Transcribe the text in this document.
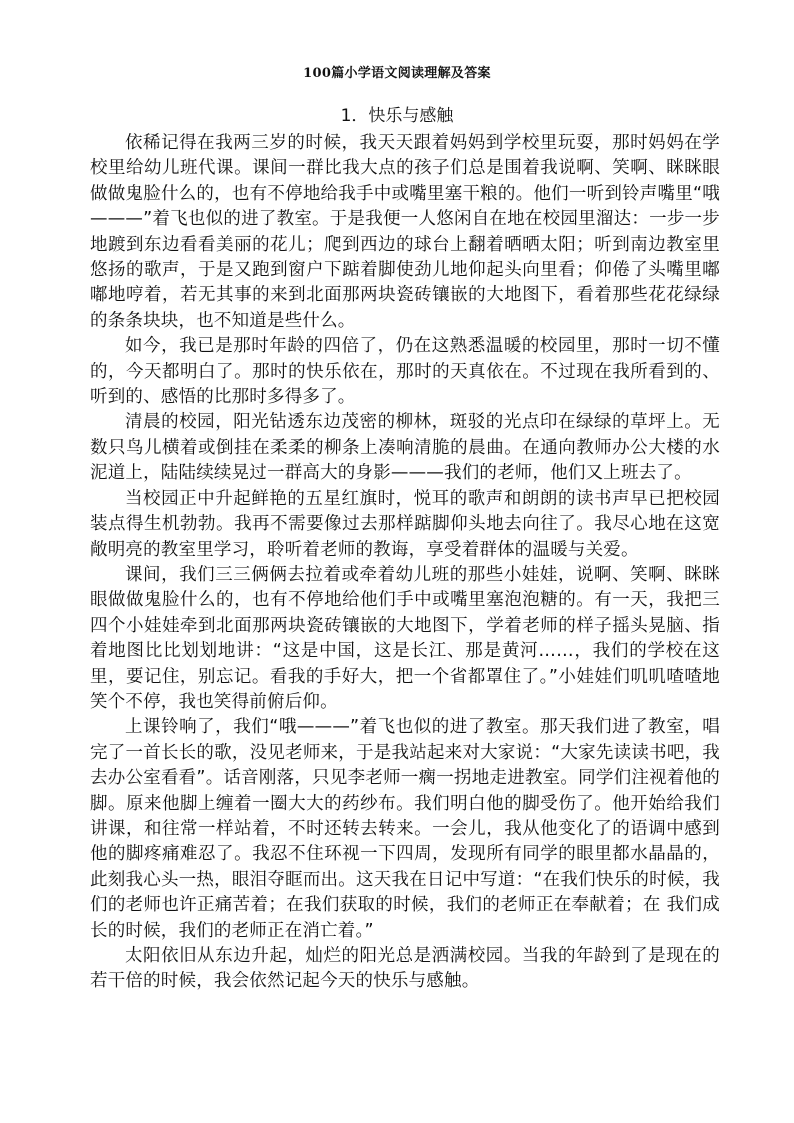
100篇小学语文阅读理解及答案
1．快乐与感触

依稀记得在我两三岁的时候，我天天跟着妈妈到学校里玩耍，那时妈妈在学校里给幼儿班代课。课间一群比我大点的孩子们总是围着我说啊、笑啊、眯眯眼做做鬼脸什么的，也有不停地给我手中或嘴里塞干粮的。他们一听到铃声嘴里“哦———”着飞也似的进了教室。于是我便一人悠闲自在地在校园里溜达：一步一步地踱到东边看看美丽的花儿；爬到西边的球台上翻着晒晒太阳；听到南边教室里悠扬的歌声，于是又跑到窗户下踮着脚使劲儿地仰起头向里看；仰倦了头嘴里嘟嘟地哼着，若无其事的来到北面那两块瓷砖镶嵌的大地图下，看着那些花花绿绿的条条块块，也不知道是些什么。

如今，我已是那时年龄的四倍了，仍在这熟悉温暖的校园里，那时一切不懂的，今天都明白了。那时的快乐依在，那时的天真依在。不过现在我所看到的、听到的、感悟的比那时多得多了。

清晨的校园，阳光钻透东边茂密的柳林，斑驳的光点印在绿绿的草坪上。无数只鸟儿横着或倒挂在柔柔的柳条上凑响清脆的晨曲。在通向教师办公大楼的水泥道上，陆陆续续晃过一群高大的身影———我们的老师，他们又上班去了。

当校园正中升起鲜艳的五星红旗时，悦耳的歌声和朗朗的读书声早已把校园装点得生机勃勃。我再不需要像过去那样踮脚仰头地去向往了。我尽心地在这宽敞明亮的教室里学习，聆听着老师的教诲，享受着群体的温暖与关爱。

课间，我们三三俩俩去拉着或牵着幼儿班的那些小娃娃，说啊、笑啊、眯眯眼做做鬼脸什么的，也有不停地给他们手中或嘴里塞泡泡糖的。有一天，我把三四个小娃娃牵到北面那两块瓷砖镶嵌的大地图下，学着老师的样子摇头晃脑、指着地图比比划划地讲：“这是中国，这是长江、那是黄河……，我们的学校在这里，要记住，别忘记。看我的手好大，把一个省都罩住了。”小娃娃们叽叽喳喳地笑个不停，我也笑得前俯后仰。

上课铃响了，我们“哦———”着飞也似的进了教室。那天我们进了教室，唱完了一首长长的歌，没见老师来，于是我站起来对大家说：“大家先读读书吧，我去办公室看看”。话音刚落，只见李老师一瘸一拐地走进教室。同学们注视着他的脚。原来他脚上缠着一圈大大的药纱布。我们明白他的脚受伤了。他开始给我们讲课，和往常一样站着，不时还转去转来。一会儿，我从他变化了的语调中感到他的脚疼痛难忍了。我忍不住环视一下四周，发现所有同学的眼里都水晶晶的，此刻我心头一热，眼泪夺眶而出。这天我在日记中写道：“在我们快乐的时候，我们的老师也许正痛苦着；在我们获取的时候，我们的老师正在奉献着；在 我们成长的时候，我们的老师正在消亡着。”

太阳依旧从东边升起，灿烂的阳光总是洒满校园。当我的年龄到了是现在的若干倍的时候，我会依然记起今天的快乐与感触。
